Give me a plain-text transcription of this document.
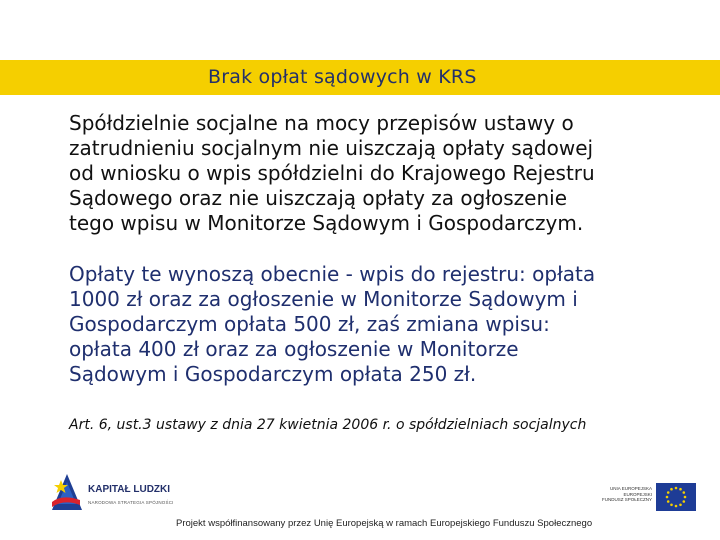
Brak opłat sądowych w KRS
Spółdzielnie socjalne na mocy przepisów ustawy o
zatrudnieniu socjalnym nie uiszczają opłaty sądowej
od wniosku o wpis spółdzielni do Krajowego Rejestru
Sądowego oraz nie uiszczają opłaty za ogłoszenie
tego wpisu w Monitorze Sądowym i Gospodarczym.
Opłaty te wynoszą obecnie - wpis do rejestru: opłata
1000 zł oraz za ogłoszenie w Monitorze Sądowym i
Gospodarczym opłata 500 zł, zaś zmiana wpisu:
opłata 400 zł oraz za ogłoszenie w Monitorze
Sądowym i Gospodarczym opłata 250 zł.
Art. 6, ust.3 ustawy z dnia 27 kwietnia 2006 r. o spółdzielniach socjalnych
KAPITAŁ LUDZKI
NARODOWA STRATEGIA SPÓJNOŚCI
UNIA EUROPEJSKA
EUROPEJSKI
FUNDUSZ SPOŁECZNY
Projekt współfinansowany przez Unię Europejską w ramach Europejskiego Funduszu Społecznego
